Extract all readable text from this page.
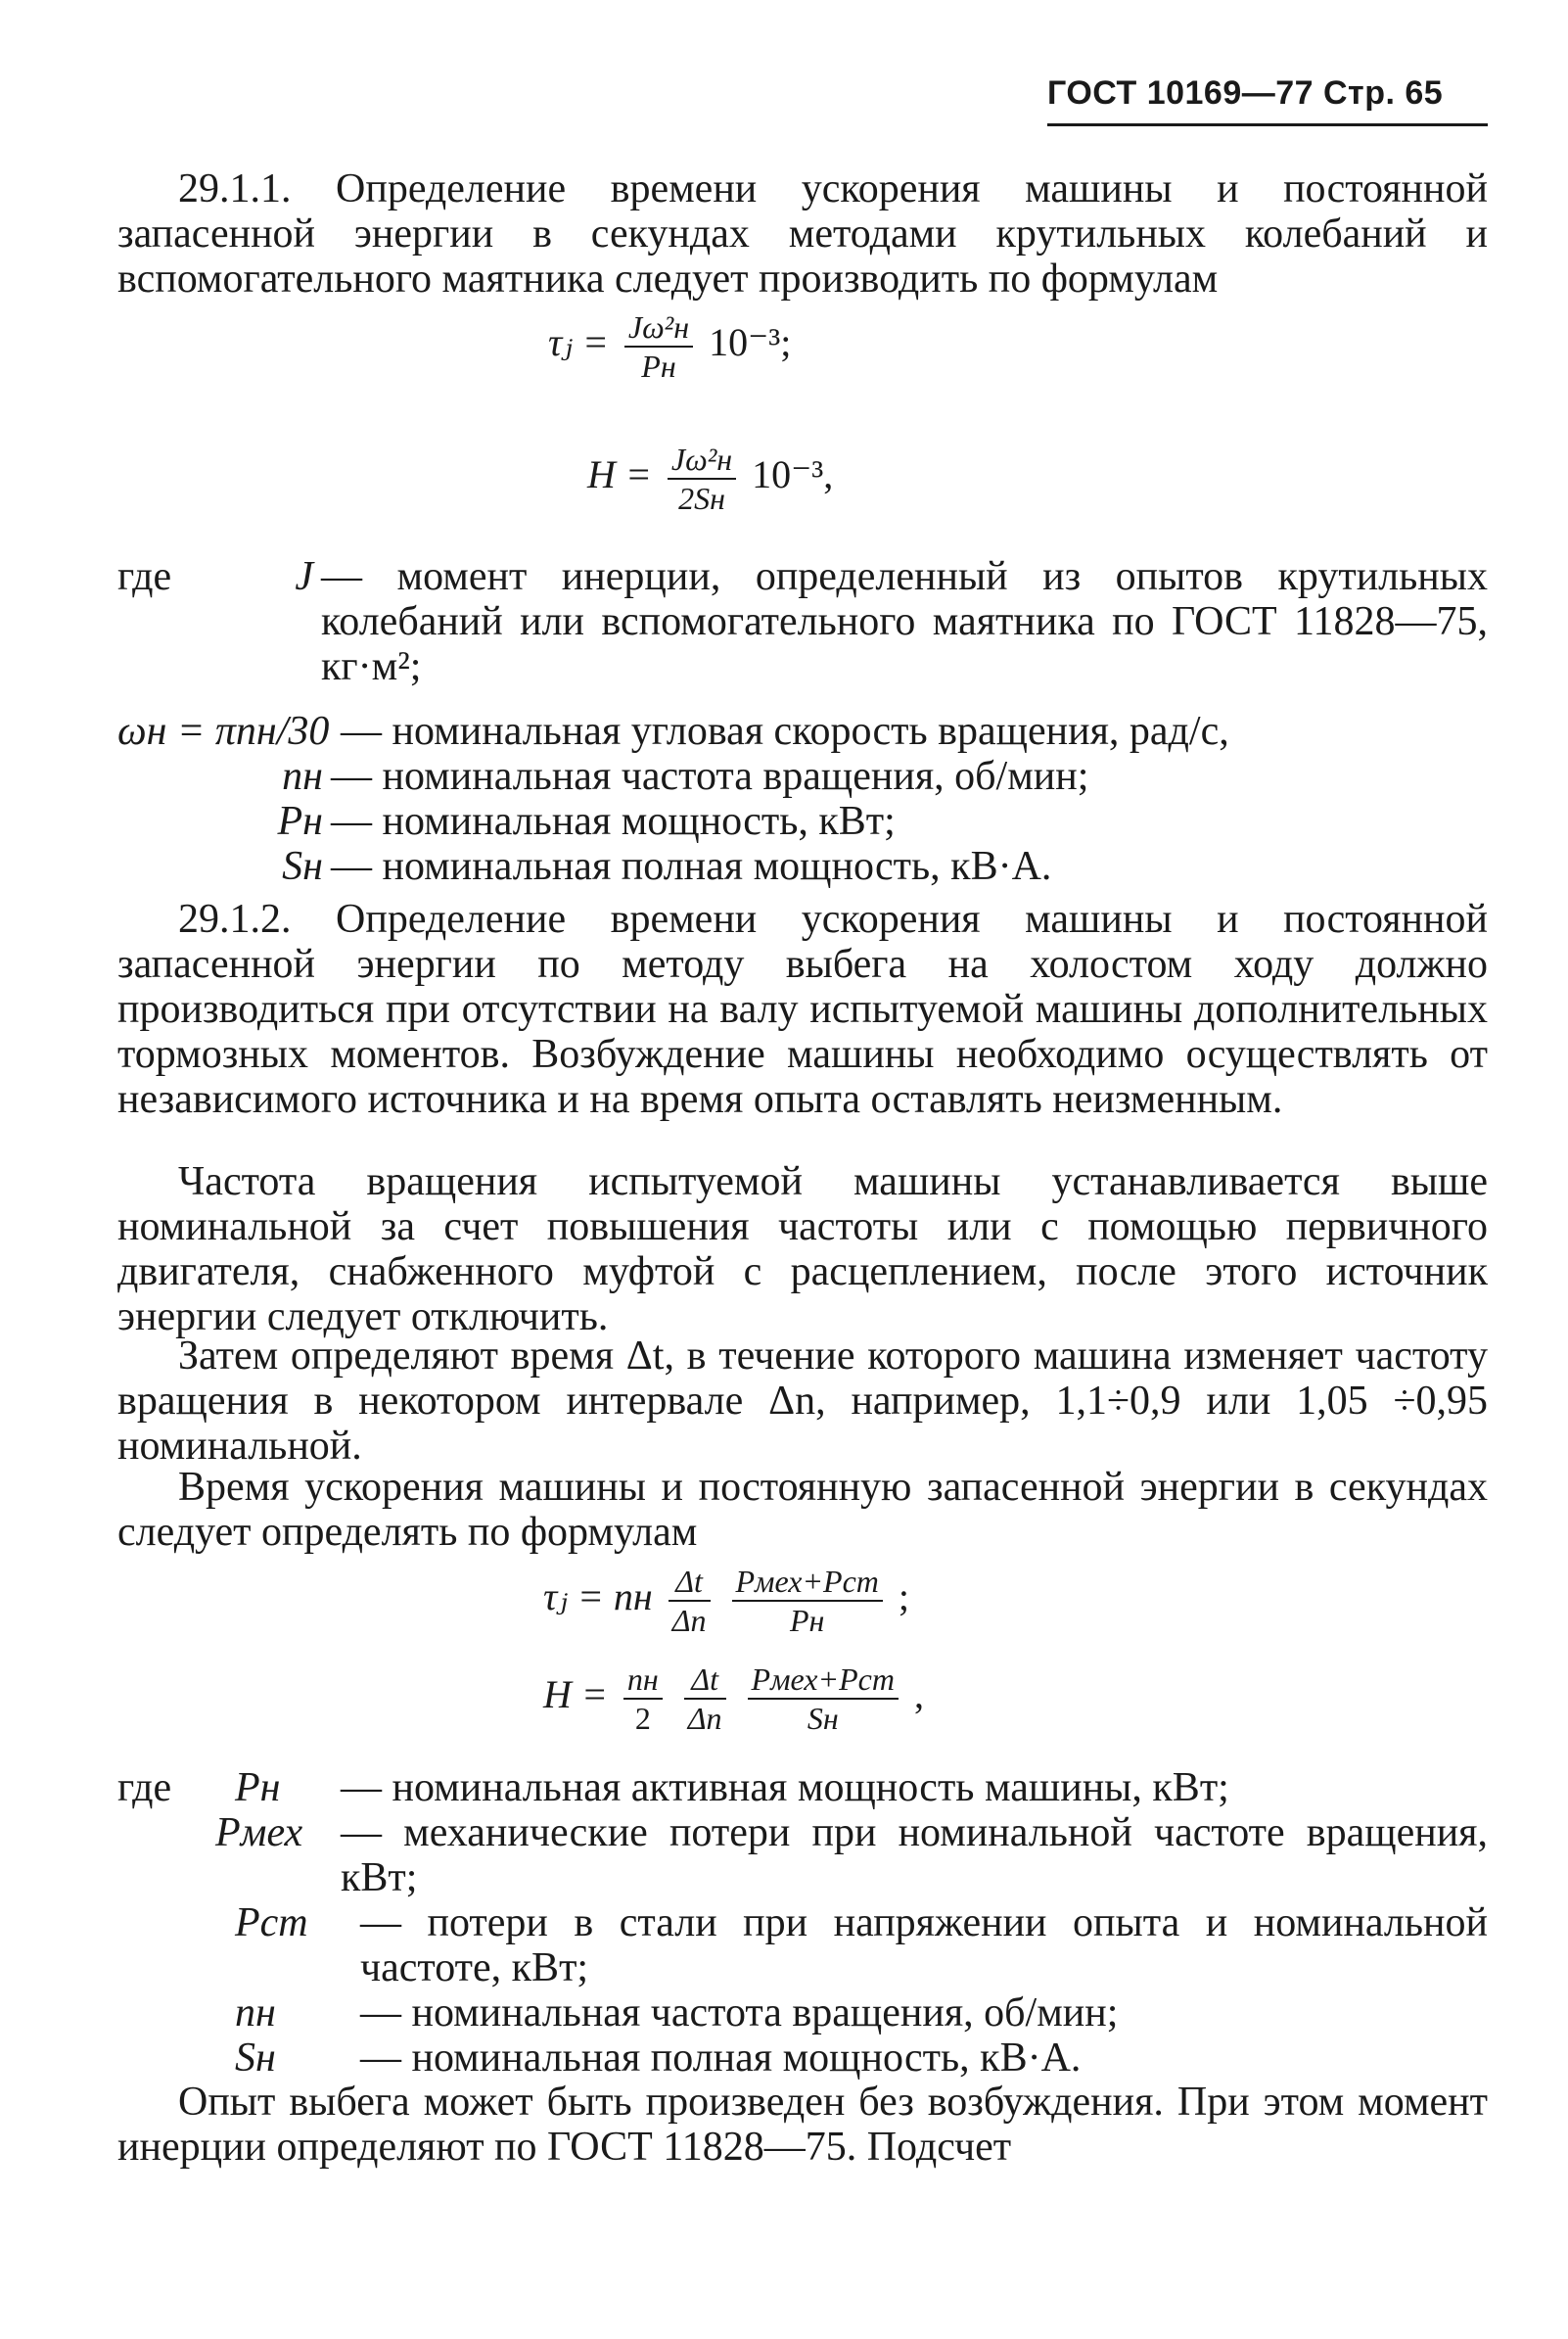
ГОСТ 10169—77 Стр. 65
29.1.1. Определение времени ускорения машины и постоянной запасенной энергии в секундах методами крутильных колебаний и вспомогательного маятника следует производить по формулам
τⱼ = $\frac{\text{Jω²н}}{Pн} 10^{-3}$;
$H = \frac{\text{Jω²н}}{2Sн} 10^{-3}$,
где	J — момент инерции, определенный из опытов крутильных колебаний или вспомогательного маятника по ГОСТ 11828—75, кг·м²;
ωн = πnн/30 — номинальная угловая скорость вращения, рад/с,
nн — номинальная частота вращения, об/мин;
Pн — номинальная мощность, кВт;
Sн — номинальная полная мощность, кВ·А.
29.1.2. Определение времени ускорения машины и постоянной запасенной энергии по методу выбега на холостом ходу должно производиться при отсутствии на валу испытуемой машины дополнительных тормозных моментов. Возбуждение машины необходимо осуществлять от независимого источника и на время опыта оставлять неизменным.
Частота вращения испытуемой машины устанавливается выше номинальной за счет повышения частоты или с помощью первичного двигателя, снабженного муфтой с расцеплением, после этого источник энергии следует отключить.
Затем определяют время Δt, в течение которого машина изменяет частоту вращения в некотором интервале Δn, например, 1,1÷0,9 или 1,05 ÷0,95 номинальной.
Время ускорения машины и постоянную запасенной энергии в секундах следует определять по формулам
τⱼ = nн $\frac{\Delta t}{\Delta n}$
$\frac{\text{Pмех+Pст}}{Pн}$ ;
$H = \frac{nн}{2}$
$\frac{\Delta t}{\Delta n}$
$\frac{\text{Pмех+Pст}}{Sн}$ ,
где	Pн	— номинальная активная мощность машины, кВт;
Pмех — механические потери при номинальной частоте вращения, кВт;
Pст	— потери в стали при напряжении опыта и номинальной частоте, кВт;
nн	— номинальная частота вращения, об/мин;
Sн	— номинальная полная мощность, кВ·А.
Опыт выбега может быть произведен без возбуждения. При этом момент инерции определяют по ГОСТ 11828—75. Подсчет
